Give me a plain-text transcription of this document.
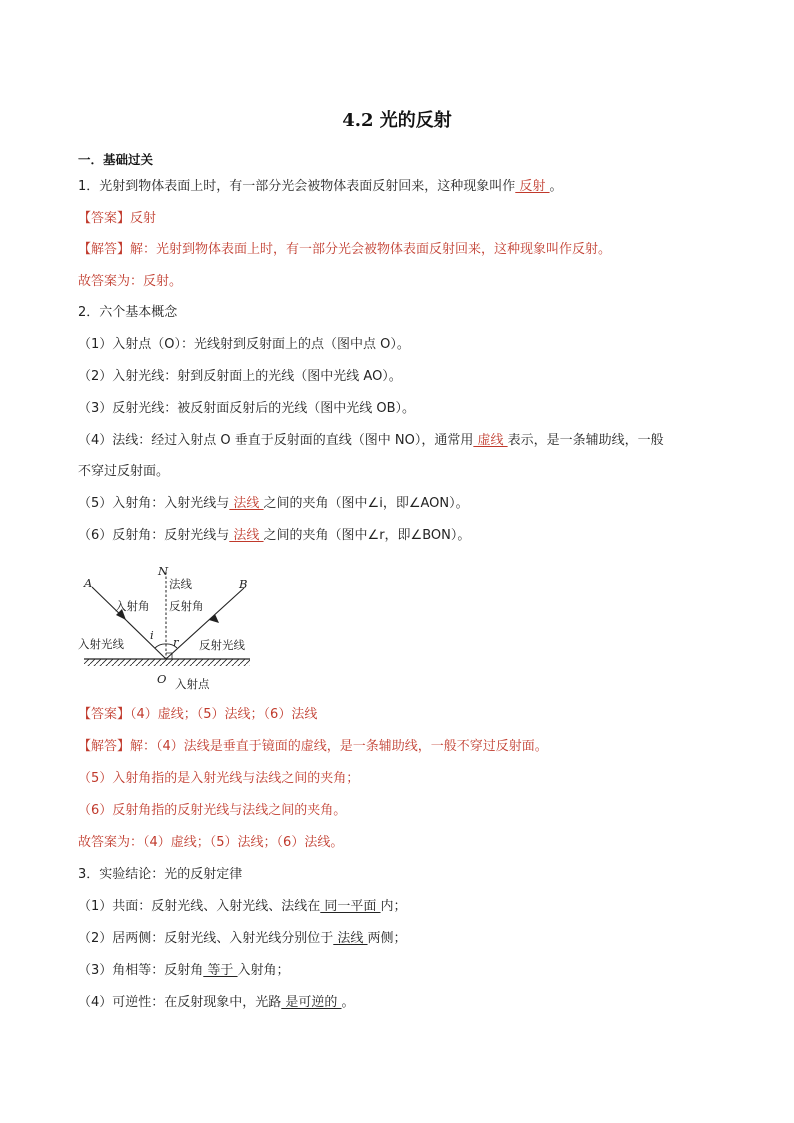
4.2 光的反射
一．基础过关
1．光射到物体表面上时，有一部分光会被物体表面反射回来，这种现象叫作 反射 。
【答案】反射
【解答】解：光射到物体表面上时，有一部分光会被物体表面反射回来，这种现象叫作反射。
故答案为：反射。
2．六个基本概念
（1）入射点（O）：光线射到反射面上的点（图中点 O）。
（2）入射光线：射到反射面上的光线（图中光线 AO）。
（3）反射光线：被反射面反射后的光线（图中光线 OB）。
（4）法线：经过入射点 O 垂直于反射面的直线（图中 NO），通常用 虚线 表示，是一条辅助线，一般
不穿过反射面。
（5）入射角：入射光线与 法线 之间的夹角（图中∠i，即∠AON）。
（6）反射角：反射光线与 法线 之间的夹角（图中∠r，即∠BON）。
【答案】（4）虚线；（5）法线；（6）法线
【解答】解：（4）法线是垂直于镜面的虚线，是一条辅助线，一般不穿过反射面。
（5）入射角指的是入射光线与法线之间的夹角；
（6）反射角指的反射光线与法线之间的夹角。
故答案为：（4）虚线；（5）法线；（6）法线。
3．实验结论：光的反射定律
（1）共面：反射光线、入射光线、法线在 同一平面 内；
（2）居两侧：反射光线、入射光线分别位于 法线 两侧；
（3）角相等：反射角 等于 入射角；
（4）可逆性：在反射现象中，光路 是可逆的 。
A	B
N
O
i r
法线
入射角 反射角
入射光线	反射光线
入射点
